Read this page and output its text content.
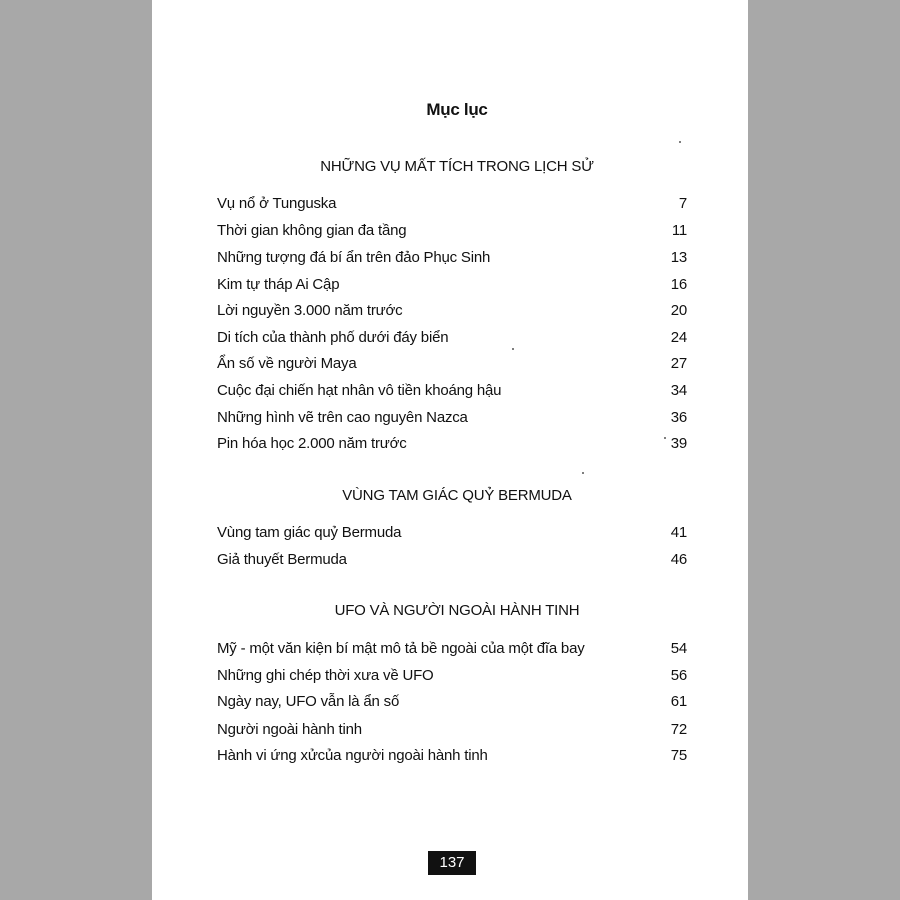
Mục lục
NHỮNG VỤ MẤT TÍCH TRONG LỊCH SỬ
Vụ nổ ở Tunguska	7
Thời gian không gian đa tầng	11
Những tượng đá bí ẩn trên đảo Phục Sinh	13
Kim tự tháp Ai Cập	16
Lời nguyền 3.000 năm trước	20
Di tích của thành phố dưới đáy biển	24
Ẩn số về người Maya	27
Cuộc đại chiến hạt nhân vô tiền khoáng hậu	34
Những hình vẽ trên cao nguyên Nazca	36
Pin hóa học 2.000 năm trước	39
VÙNG TAM GIÁC QUỶ BERMUDA
Vùng tam giác quỷ Bermuda	41
Giả thuyết Bermuda	46
UFO VÀ NGƯỜI NGOÀI HÀNH TINH
Mỹ - một văn kiện bí mật mô tả bề ngoài của một đĩa bay	54
Những ghi chép thời xưa về UFO	56
Ngày nay, UFO vẫn là ẩn số	61
Người ngoài hành tinh	72
Hành vi ứng xửcủa người ngoài hành tinh	75
137
